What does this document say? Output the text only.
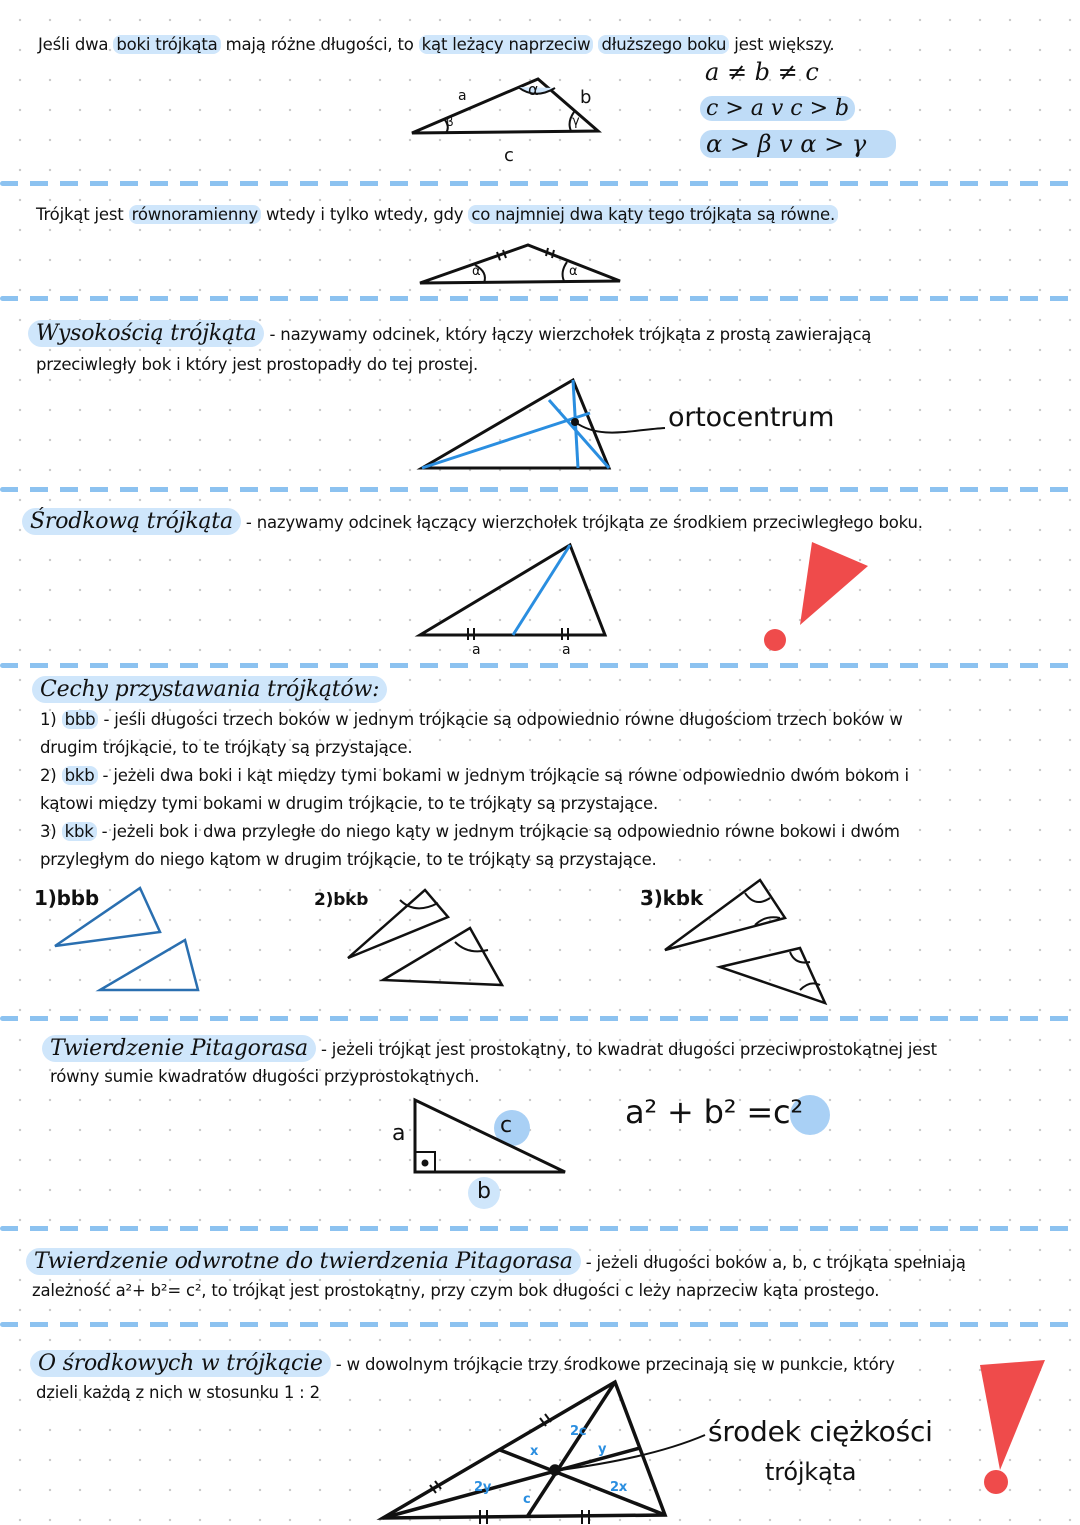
Jeśli dwa boki trójkąta mają różne długości, to kąt leżący naprzeciw dłuższego boku jest większy.
a	b
c
α
β	γ
a ≠ b ≠ c
c > a v c > b
α > β v α > γ
Trójkąt jest równoramienny wtedy i tylko wtedy, gdy co najmniej dwa kąty tego trójkąta są równe.
α	α
Wysokością trójkąta - nazywamy odcinek, który łączy wierzchołek trójkąta z prostą zawierającą
przeciwległy bok i który jest prostopadły do tej prostej.
ortocentrum
Środkową trójkąta - nazywamy odcinek łączący wierzchołek trójkąta ze środkiem przeciwległego boku.
a	a
Cechy przystawania trójkątów:
1) bbb - jeśli długości trzech boków w jednym trójkącie są odpowiednio równe długościom trzech boków w
drugim trójkącie, to te trójkąty są przystające.
2) bkb - jeżeli dwa boki i kąt między tymi bokami w jednym trójkącie są równe odpowiednio dwóm bokom i
kątowi między tymi bokami w drugim trójkącie, to te trójkąty są przystające.
3) kbk - jeżeli bok i dwa przyległe do niego kąty w jednym trójkącie są odpowiednio równe bokowi i dwóm
przyległym do niego kątom w drugim trójkącie, to te trójkąty są przystające.
1)bbb	2)bkb	3)kbk
Twierdzenie Pitagorasa - jeżeli trójkąt jest prostokątny, to kwadrat długości przeciwprostokątnej jest
równy sumie kwadratów długości przyprostokątnych.
a	c
b
a² + b² =c²
Twierdzenie odwrotne do twierdzenia Pitagorasa - jeżeli długości boków a, b, c trójkąta spełniają
zależność a²+ b²= c², to trójkąt jest prostokątny, przy czym bok długości c leży naprzeciw kąta prostego.
O środkowych w trójkącie - w dowolnym trójkącie trzy środkowe przecinają się w punkcie, który
dzieli każdą z nich w stosunku 1 : 2
środek ciężkości
trójkąta
2c
x	y
2y
c
2x
